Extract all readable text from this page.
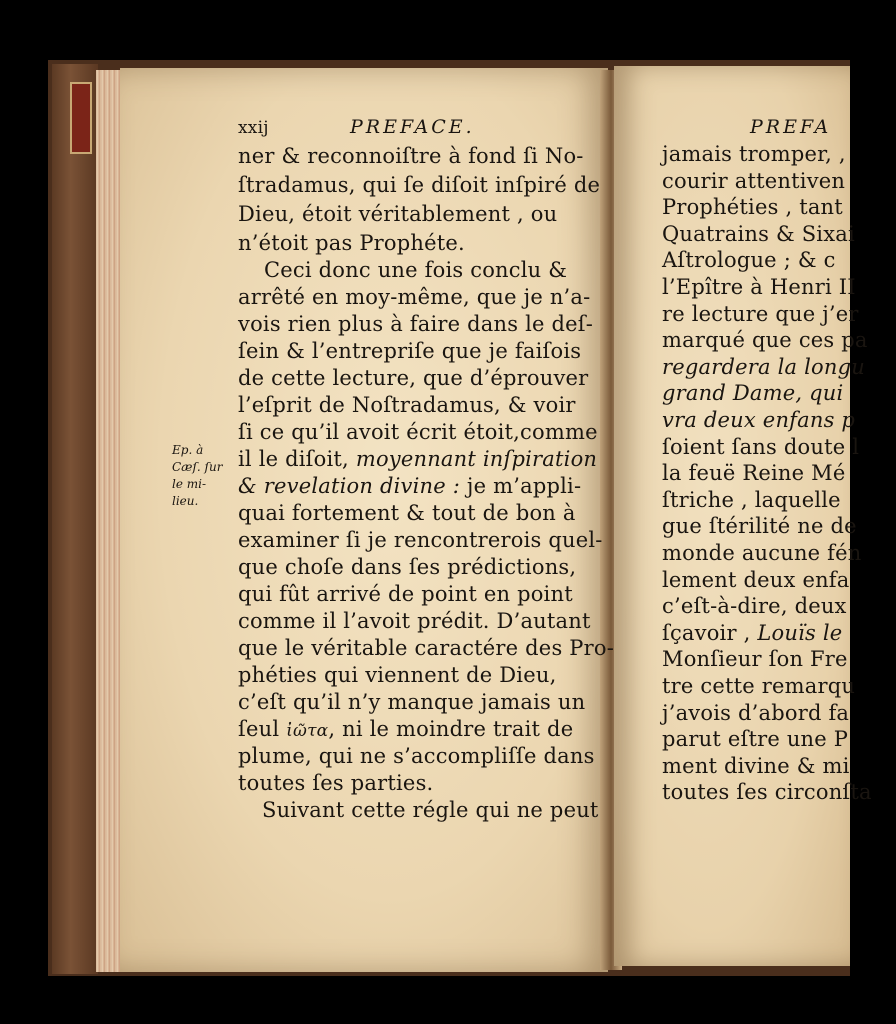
PREFA
jamais tromper, ,
courir attentiven
Prophéties , tant
Quatrains & Sixai
Aſtrologue ; & c
l’Epître à Henri II
re lecture que j’er
marqué que ces pa
regardera la longu
grand Dame, qui
vra deux enfans p
ſoient ſans doute l
la feuë Reine Mé
ſtriche , laquelle
gue ſtérilité ne de
monde aucune fén
lement deux enfa
c’eſt-à-dire, deux
ſçavoir , Louïs le
Monſieur ſon Fre
tre cette remarqu
j’avois d’abord fa
parut eſtre une P
ment divine & mi
toutes ſes circonſta
xxij	PREFACE.
ner & reconnoiſtre à fond ſi No-
ſtradamus, qui ſe diſoit inſpiré de
Dieu, étoit véritablement , ou
n’étoit pas Prophéte.
Ceci donc une fois conclu &
arrêté en moy-même, que je n’a-
vois rien plus à faire dans le deſ-
ſein & l’entrepriſe que je faiſois
de cette lecture, que d’éprouver
l’eſprit de Noſtradamus, & voir
ſi ce qu’il avoit écrit étoit,comme
il le diſoit, moyennant inſpiration
& revelation divine : je m’appli-
quai fortement & tout de bon à
examiner ſi je rencontrerois quel-
que choſe dans ſes prédictions,
qui fût arrivé de point en point
comme il l’avoit prédit. D’autant
que le véritable caractére des Pro-
phéties qui viennent de Dieu,
c’eſt qu’il n’y manque jamais un
ſeul ἰῶτα, ni le moindre trait de
plume, qui ne s’accompliſſe dans
toutes ſes parties.
Suivant cette régle qui ne peut
Ep. à
Cæſ. ſur
le mi-
lieu.
